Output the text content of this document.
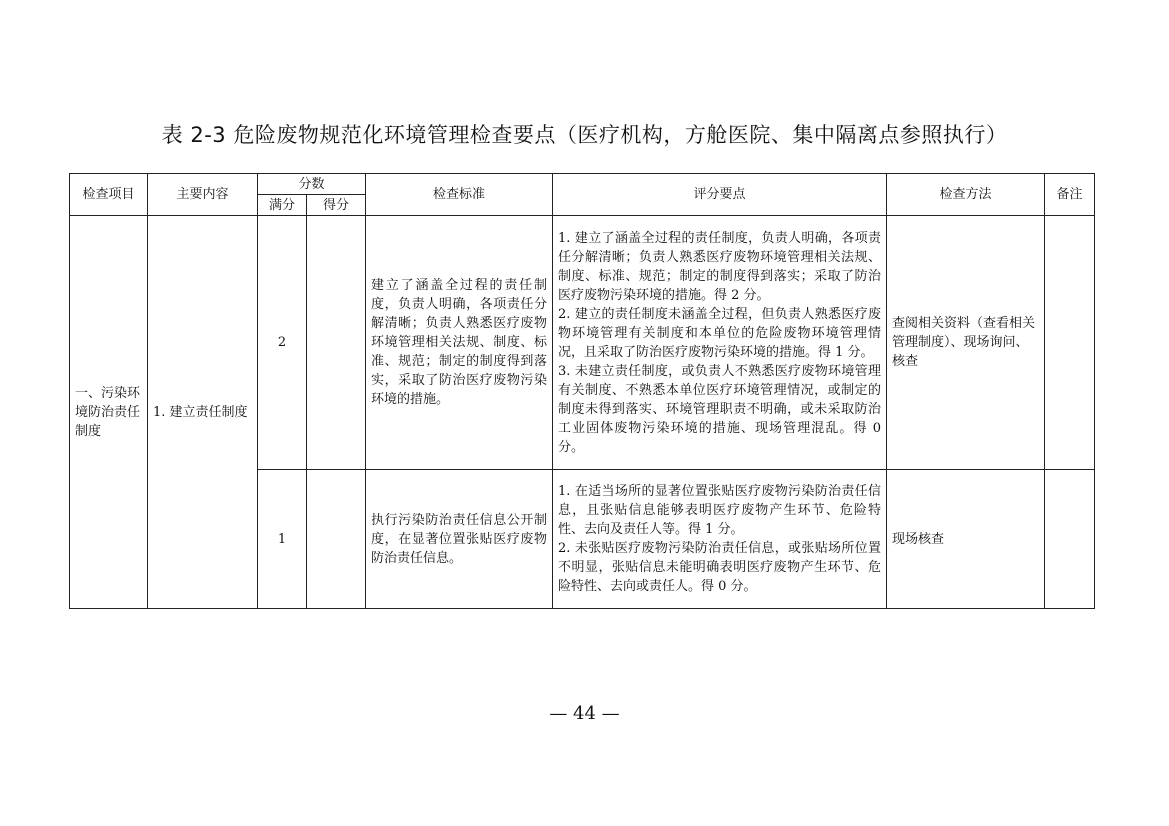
表 2-3 危险废物规范化环境管理检查要点（医疗机构，方舱医院、集中隔离点参照执行）
检查项目	主要内容	分数		检查标准	评分要点	检查方法	备注
		满分	得分				
一、污染环境防治责任制度	1. 建立责任制度	2		建立了涵盖全过程的责任制度，负责人明确，各项责任分解清晰；负责人熟悉医疗废物环境管理相关法规、制度、标准、规范；制定的制度得到落实，采取了防治医疗废物污染环境的措施。	1. 建立了涵盖全过程的责任制度，负责人明确，各项责任分解清晰；负责人熟悉医疗废物环境管理相关法规、制度、标准、规范；制定的制度得到落实；采取了防治医疗废物污染环境的措施。得 2 分。
2. 建立的责任制度未涵盖全过程，但负责人熟悉医疗废物环境管理有关制度和本单位的危险废物环境管理情况，且采取了防治医疗废物污染环境的措施。得 1 分。
3. 未建立责任制度，或负责人不熟悉医疗废物环境管理有关制度、不熟悉本单位医疗环境管理情况，或制定的制度未得到落实、环境管理职责不明确，或未采取防治工业固体废物污染环境的措施、现场管理混乱。得 0 分。	查阅相关资料（查看相关管理制度）、现场询问、核查	
		1		执行污染防治责任信息公开制度，在显著位置张贴医疗废物防治责任信息。	1. 在适当场所的显著位置张贴医疗废物污染防治责任信息，且张贴信息能够表明医疗废物产生环节、危险特性、去向及责任人等。得 1 分。
2. 未张贴医疗废物污染防治责任信息，或张贴场所位置不明显，张贴信息未能明确表明医疗废物产生环节、危险特性、去向或责任人。得 0 分。	现场核查	
— 44 —
